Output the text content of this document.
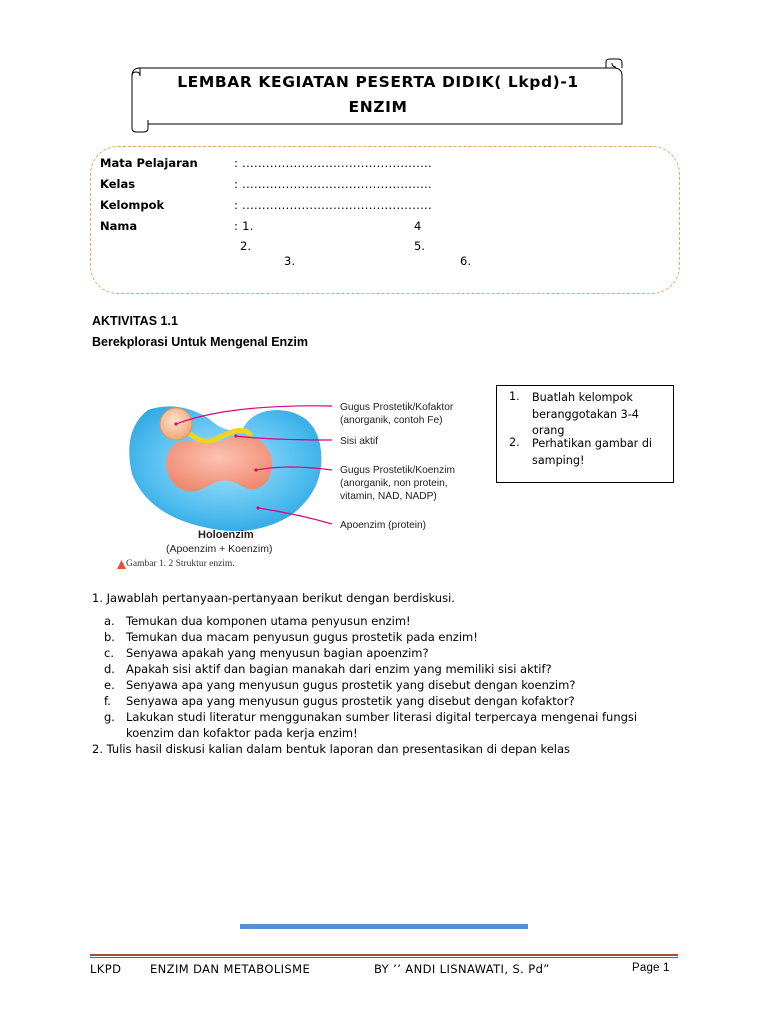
LEMBAR KEGIATAN PESERTA DIDIK( Lkpd)-1
ENZIM
Mata Pelajaran	: ................................................
Kelas	: ................................................
Kelompok	: ................................................
Nama	: 1.	4
2.	5.
3.	6.
AKTIVITAS 1.1
Berekplorasi Untuk Mengenal Enzim
Gugus Prostetik/Kofaktor
(anorganik, contoh Fe)
Sisi aktif
Gugus Prostetik/Koenzim
(anorganik, non protein,
vitamin, NAD, NADP)
Apoenzim (protein)
Holoenzim
(Apoenzim + Koenzim)
Gambar 1. 2 Struktur enzim.
1. Buatlah kelompok
beranggotakan 3-4
orang
2. Perhatikan gambar di
samping!
1. Jawablah pertanyaan-pertanyaan berikut dengan berdiskusi.
a. Temukan dua komponen utama penyusun enzim!
b. Temukan dua macam penyusun gugus prostetik pada enzim!
c. Senyawa apakah yang menyusun bagian apoenzim?
d. Apakah sisi aktif dan bagian manakah dari enzim yang memiliki sisi aktif?
e. Senyawa apa yang menyusun gugus prostetik yang disebut dengan koenzim?
f. Senyawa apa yang menyusun gugus prostetik yang disebut dengan kofaktor?
g. Lakukan studi literatur menggunakan sumber literasi digital terpercaya mengenai fungsi
koenzim dan kofaktor pada kerja enzim!
2. Tulis hasil diskusi kalian dalam bentuk laporan dan presentasikan di depan kelas
LKPD ENZIM DAN METABOLISME	BY ’’ ANDI LISNAWATI, S. Pd”	Page 1
